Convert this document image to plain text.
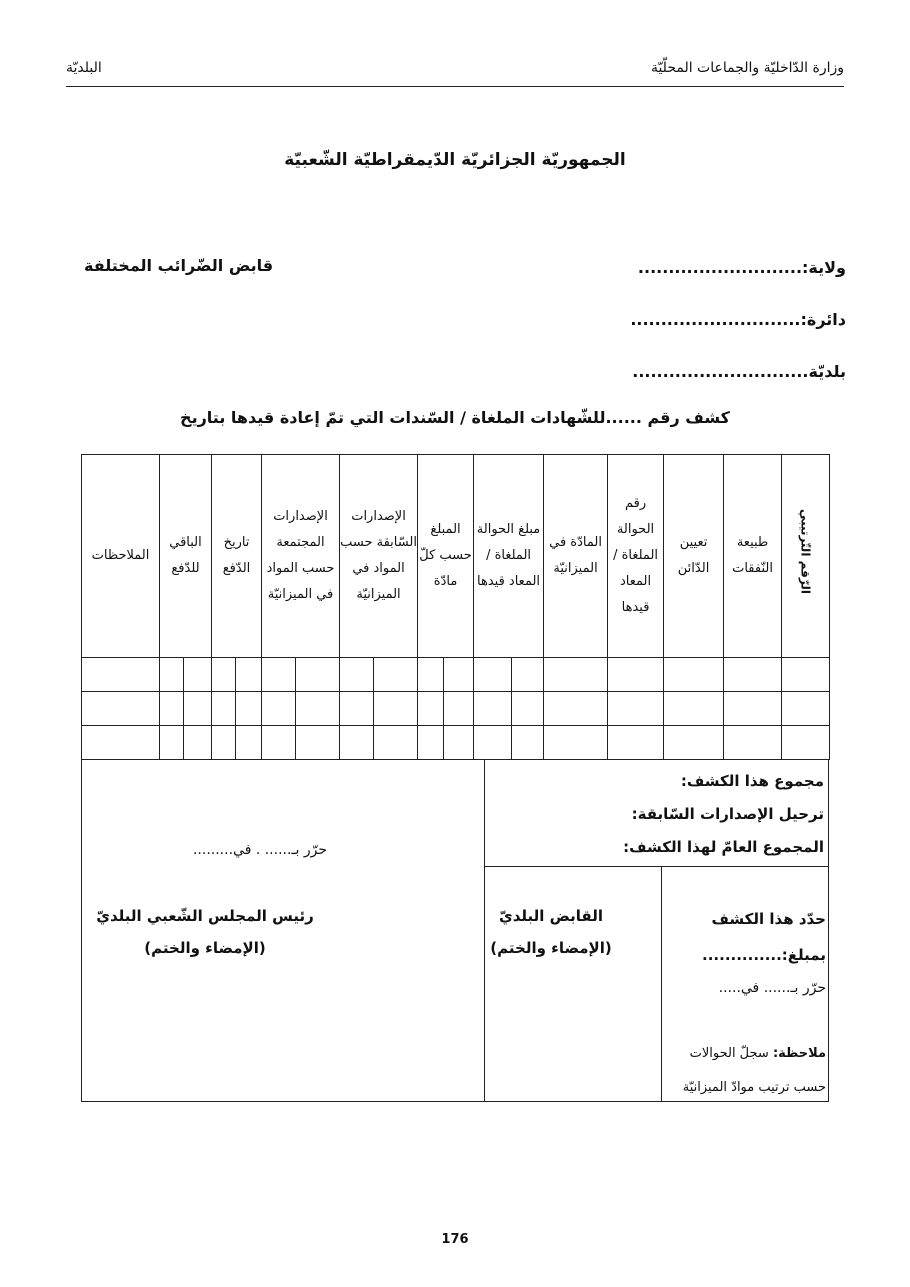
وزارة الدّاخليّة والجماعات المحلّيّة
البلديّة
الجمهوريّة الجزائريّة الدّيمقراطيّة الشّعبيّة
ولاية:...........................
دائرة:............................
بلديّة.............................
قابض الضّرائب المختلفة
كشف رقم ......للشّهادات الملغاة / السّندات التي تمّ إعادة قيدها بتاريخ
الملاحظات	الباقي للدّفع		تاريخ الدّفع		الإصدارات المجتمعة حسب المواد في الميزانيّة		الإصدارات السّابقة حسب المواد في الميزانيّة		المبلغ حسب كلّ مادّة		مبلغ الحوالة الملغاة / المعاد قيدها		المادّة في الميزانيّة	رقم الحوالة الملغاة / المعاد قيدها	تعيين الدّائن	طبيعة النّفقات	الرّقم التّرتيبي

مجموع هذا الكشف:
ترحيل الإصدارات السّابقة:
المجموع العامّ لهذا الكشف:
حرّر بـ...... . في.........
رئيس المجلس الشّعبي البلديّ
(الإمضاء والختم)
القابض البلديّ
(الإمضاء والختم)
حدّد هذا الكشف
بمبلغ:..............
حرّر بـ...... في.....
ملاحظة: سجلّ الحوالات
حسب ترتيب موادّ الميزانيّة
176
